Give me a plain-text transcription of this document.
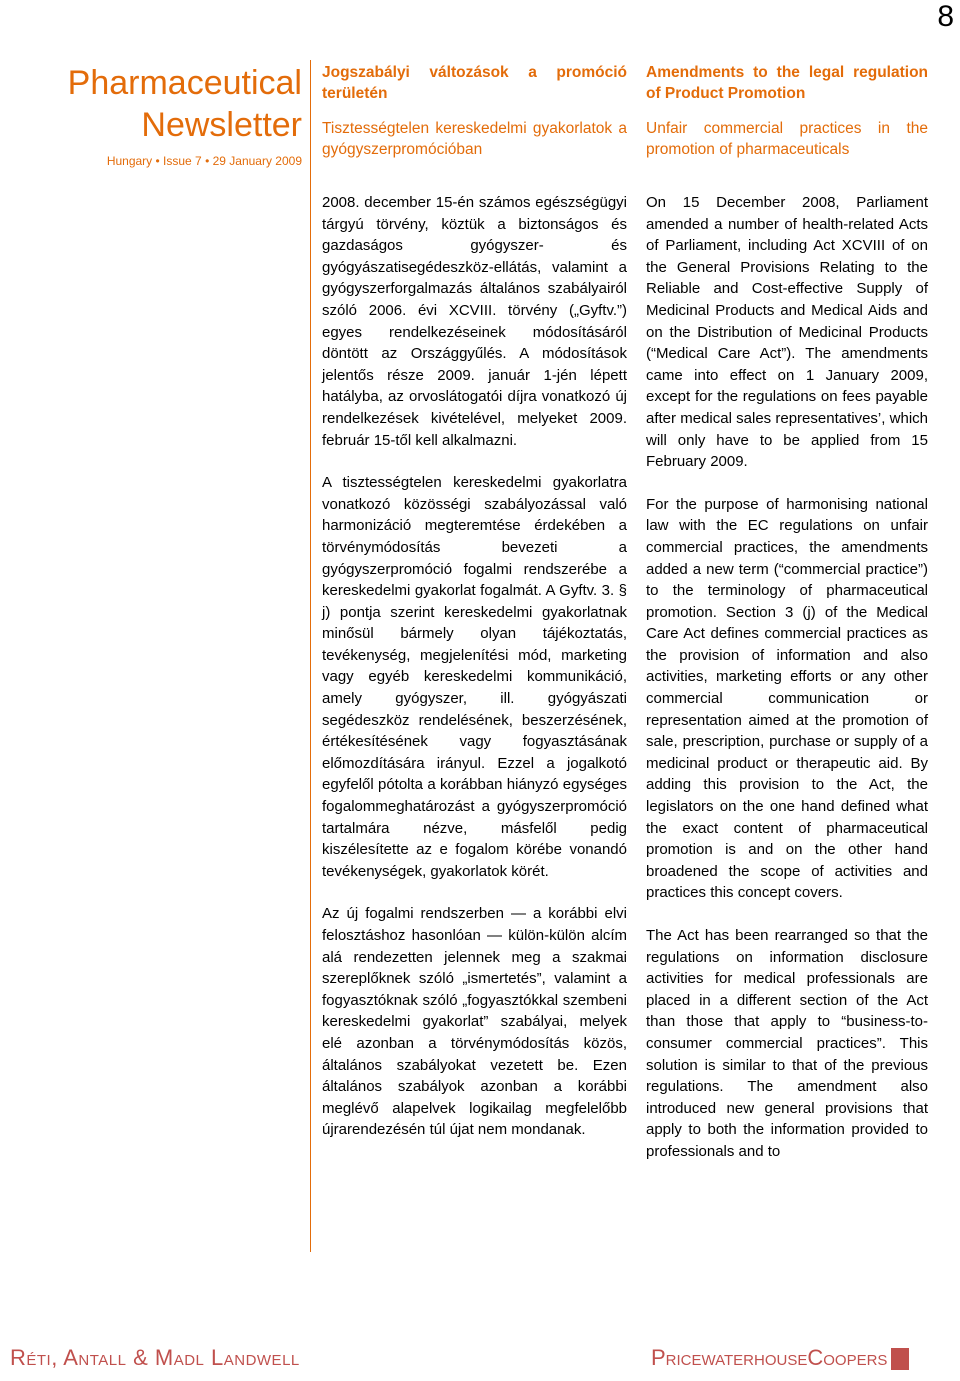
8
Pharmaceutical
Newsletter
Hungary • Issue 7 • 29 January 2009
Jogszabályi változások a promóció területén
Tisztességtelen kereskedelmi gyakorlatok a gyógyszerpromócióban
Amendments to the legal regulation of Product Promotion
Unfair commercial practices in the promotion of pharmaceuticals

2008. december 15-én számos egészségügyi tárgyú törvény, köztük a biztonságos és gazdaságos gyógyszer- és gyógyászatisegédeszköz-ellátás, valamint a gyógyszerforgalmazás általános szabályairól szóló 2006. évi XCVIII. törvény („Gyftv.”) egyes rendelkezéseinek módosításáról döntött az Országgyűlés. A módosítások jelentős része 2009. január 1-jén lépett hatályba, az orvoslátogatói díjra vonatkozó új rendelkezések kivételével, melyeket 2009. február 15-től kell alkalmazni.

A tisztességtelen kereskedelmi gyakorlatra vonatkozó közösségi szabályozással való harmonizáció megteremtése érdekében a törvénymódosítás bevezeti a gyógyszerpromóció fogalmi rendszerébe a kereskedelmi gyakorlat fogalmát. A Gyftv. 3. § j) pontja szerint kereskedelmi gyakorlatnak minősül bármely olyan tájékoztatás, tevékenység, megjelenítési mód, marketing vagy egyéb kereskedelmi kommunikáció, amely gyógyszer, ill. gyógyászati segédeszköz rendelésének, beszerzésének, értékesítésének vagy fogyasztásának előmozdítására irányul. Ezzel a jogalkotó egyfelől pótolta a korábban hiányzó egységes fogalommeghatározást a gyógyszerpromóció tartalmára nézve, másfelől pedig kiszélesítette az e fogalom körébe vonandó tevékenységek, gyakorlatok körét.

Az új fogalmi rendszerben — a korábbi elvi felosztáshoz hasonlóan — külön-külön alcím alá rendezetten jelennek meg a szakmai szereplőknek szóló „ismertetés”, valamint a fogyasztóknak szóló „fogyasztókkal szembeni kereskedelmi gyakorlat” szabályai, melyek elé azonban a törvénymódosítás közös, általános szabályokat vezetett be. Ezen általános szabályok azonban a korábbi meglévő alapelvek logikailag megfelelőbb újrarendezésén túl újat nem mondanak.

On 15 December 2008, Parliament amended a number of health-related Acts of Parliament, including Act XCVIII of on the General Provisions Relating to the Reliable and Cost-effective Supply of Medicinal Products and Medical Aids and on the Distribution of Medicinal Products (“Medical Care Act”). The amendments came into effect on 1 January 2009, except for the regulations on fees payable after medical sales representatives’, which will only have to be applied from 15 February 2009.

For the purpose of harmonising national law with the EC regulations on unfair commercial practices, the amendments added a new term (“commercial practice”) to the terminology of pharmaceutical promotion. Section 3 (j) of the Medical Care Act defines commercial practices as the provision of information and also activities, marketing efforts or any other commercial communication or representation aimed at the promotion of sale, prescription, purchase or supply of a medicinal product or therapeutic aid. By adding this provision to the Act, the legislators on the one hand defined what the exact content of pharmaceutical promotion is and on the other hand broadened the scope of activities and practices this concept covers.

The Act has been rearranged so that the regulations on information disclosure activities for medical professionals are placed in a different section of the Act than those that apply to “business-to-consumer commercial practices”. This solution is similar to that of the previous regulations. The amendment also introduced new general provisions that apply to both the information provided to professionals and to

Réti, Antall & Madl Landwell	PricewaterhouseCoopers
